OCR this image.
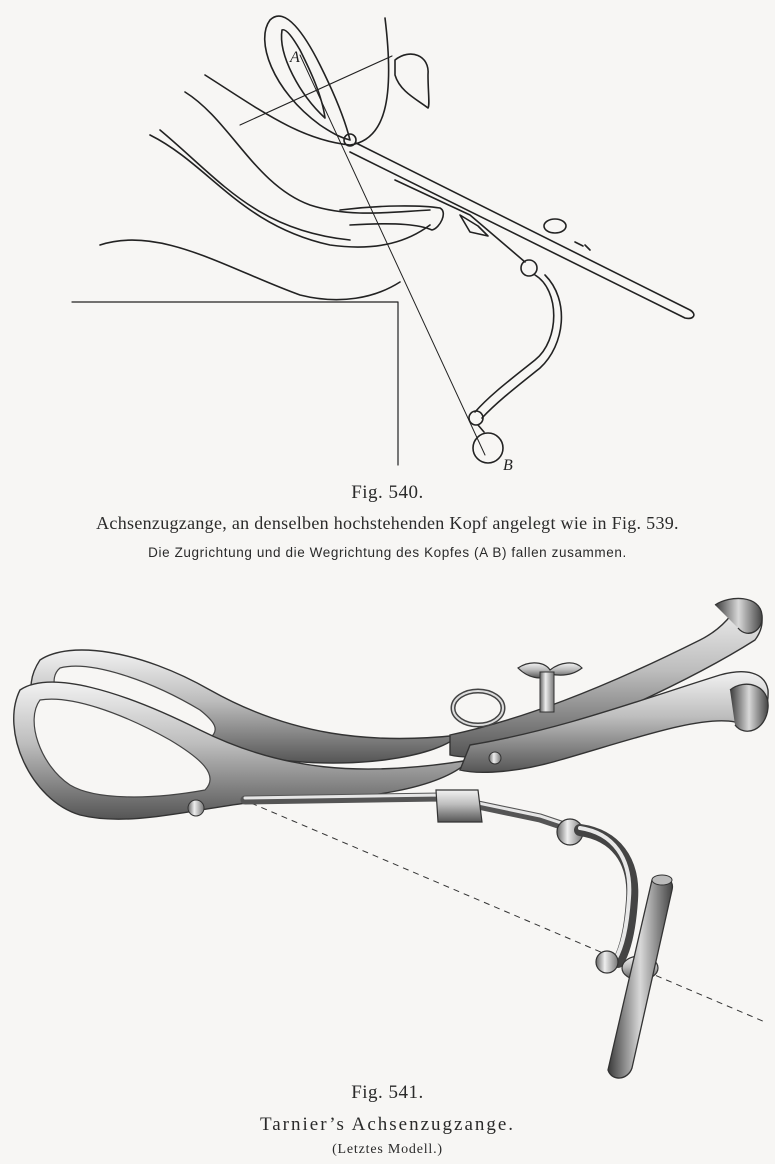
A
B
Fig. 540.
Achsenzugzange, an denselben hochstehenden Kopf angelegt wie in Fig. 539.
Die Zugrichtung und die Wegrichtung des Kopfes (A B) fallen zusammen.
Fig. 541.
Tarnier’s Achsenzugzange.
(Letztes Modell.)
